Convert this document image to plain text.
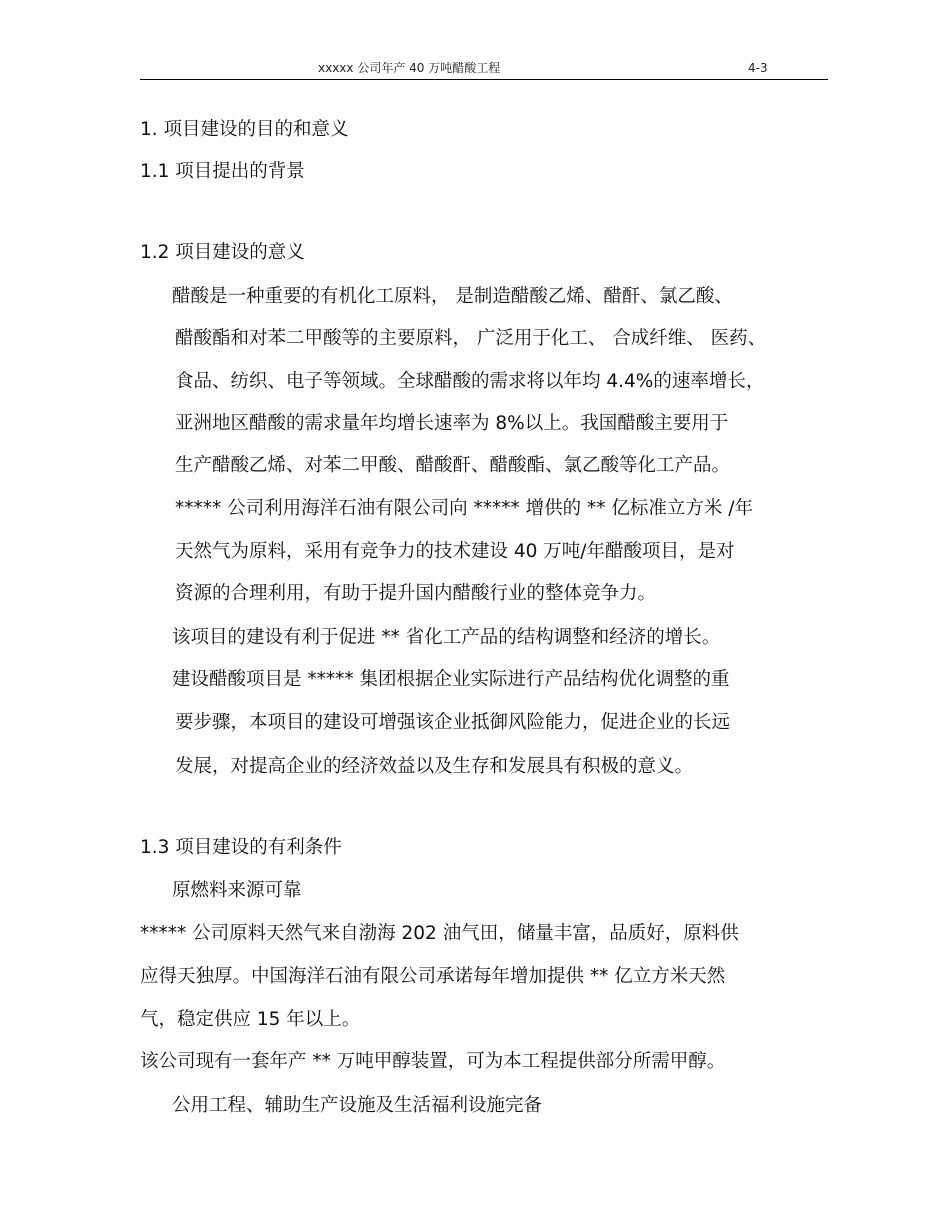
xxxxx 公司年产 40 万吨醋酸工程	4-3
1. 项目建设的目的和意义
1.1 项目提出的背景
1.2 项目建设的意义
醋酸是一种重要的有机化工原料， 是制造醋酸乙烯、醋酐、氯乙酸、
醋酸酯和对苯二甲酸等的主要原料， 广泛用于化工、 合成纤维、 医药、
食品、纺织、电子等领域。全球醋酸的需求将以年均 4.4%的速率增长，
亚洲地区醋酸的需求量年均增长速率为 8%以上。我国醋酸主要用于
生产醋酸乙烯、对苯二甲酸、醋酸酐、醋酸酯、氯乙酸等化工产品。
***** 公司利用海洋石油有限公司向 ***** 增供的 ** 亿标准立方米 /年
天然气为原料，采用有竞争力的技术建设 40 万吨/年醋酸项目，是对
资源的合理利用，有助于提升国内醋酸行业的整体竞争力。
该项目的建设有利于促进 ** 省化工产品的结构调整和经济的增长。
建设醋酸项目是 ***** 集团根据企业实际进行产品结构优化调整的重
要步骤，本项目的建设可增强该企业抵御风险能力，促进企业的长远
发展，对提高企业的经济效益以及生存和发展具有积极的意义。
1.3 项目建设的有利条件
原燃料来源可靠
***** 公司原料天然气来自渤海 202 油气田，储量丰富，品质好，原料供
应得天独厚。中国海洋石油有限公司承诺每年增加提供 ** 亿立方米天然
气，稳定供应 15 年以上。
该公司现有一套年产 ** 万吨甲醇装置，可为本工程提供部分所需甲醇。
公用工程、辅助生产设施及生活福利设施完备
